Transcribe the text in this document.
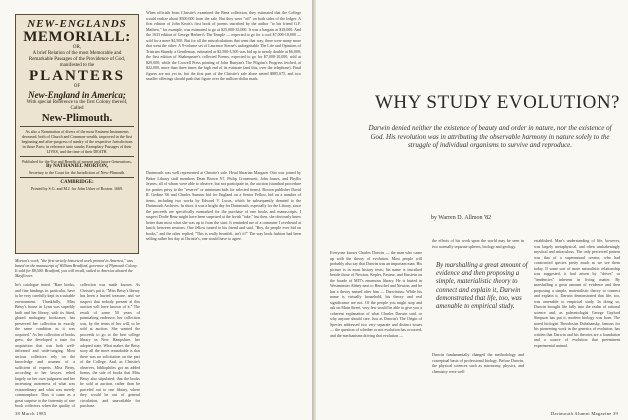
NEW-ENGLANDS
MEMORIALL:
OR,
A brief Relation of the most Memorable and Remarkable Passages of the Providence of God, manifested to the
PLANTERS
OF
New-England in America;
With special Reference to the first Colony thereof, Called
New-Plimouth.
As also a Nomination of divers of the most Eminent Instruments deceased, both of Church and Common-wealth, improved in the first beginning and after-progress of sundry of the respective Jurisdictions in those Parts; in reference unto sundry Exemplary Passages of their LIVES, and the time of their DEATH.
Published for the Use and Benefit of present and future Generations,
By NATHANIEL MORTON,
Secretary to the Court for the Jurisdiction of New-Plimouth.
CAMBRIDGE:
Printed by S.G. and M.J. for John Usher of Boston. 1669.
Morton's work, "the first strictly historical work printed in America," was based on the manuscript of William Bradford, governor of Plymouth Colony. It sold for $8,500. Bradford, you will recall, sailed to America aboard the Mayflower.
he's catalogue noted. "Rare books, and fine bindings in particular, have to be very carefully kept in a suitable environment. Thankfully, Miss Betsy's house in Lynn was superbly built and her library, with its fitted, glazed mahogany bookcases, has preserved her collection in exactly the same condition as it was acquired." As her collection of books grew, she developed a taste for acquisition that was both well-informed and wide-ranging. Most serious collectors rely on the knowledge and acumen of a sufficient of experts. Miss Betsy, according to her lawyer, relied largely on her own judgment and her increasing awareness of what was extraordinary and what was merely commonplace. Thus it came as a great surprise to the fraternity of rare book collectors when the quality of
collection was made known. As Christie's put it, "Miss Betsy's library has been a buried treasure, and we suspect that nobody present at this auction will have known of it." The result of some 50 years of painstaking endeavor, her collection was, by the terms of her will, to be sold at auction. She wanted the proceeds to go to the best college library in New Hampshire, her adopted state. What makes the Betsy story all the more remarkable is that there was no solicitation on the part of the College. And, as Christie's observes, bibliophiles got an added bonus, the sale of books that Miss Betsy also stipulated: that the books be sold at auction, rather than be parceled out to one library, where they would be out of general circulation, and unavailable for purchase.
When officials from Christie's examined the Benz collection, they estimated that the College would realize about $500,000 from the sale. But they were "off" on both sides of the ledger. A first edition of John Keats's first book of poems inscribed by the author "to his friend G.F. Mathew," for example, was estimated to go at $25,000-35,000. It was a bargain at $18,000. And the 1633 edition of George Herbert's The Temple — expected to go for a cool $7,000-10,000 — sold for a mere $4,500. But for all the miscalculations that went that way, there were many more that went the other: A 9-volume set of Laurence Sterne's unforgettable The Life and Opinions of Tristram Shandy, a Gentleman, estimated at $2,500-3,500 was bid up to nearly double at $6,000; the first edition of Shakespeare's collected Poems, expected to go for $7,000-10,000, sold at $29,000; while the Crowell Press printing of John Bunyan's The Pilgrim's Progress fetched, at $22,000, more than three times the high end of its estimate (and this, over the telephone). Final figures are not yet in, but the first part of the Christie's sale alone netted $885,675, and two smaller offerings should push that figure over the million-dollar mark.
Dartmouth was well represented at Christie's sale. Head librarian Margaret Otto was joined by Baker Library staff members Dean Brown '67, Philip Cronenwett, John James, and Phyllis Jaynes, all of whom were able to observe, but not participate in, the auction (standard procedure for parties privy to the "reserve" or minimum bids for selected items). Boston publisher David R. Godine '66 and Charles Sumner bid for England on a Senior Fellow, bid on a number of items, including two works by Edward V. Lucas, which he subsequently donated to the Dartmouth Archives. In short, it was a bright day for Dartmouth, especially for the Library, since the proceeds are specifically earmarked for the purchase of rare books and manuscripts. I suspect Dodie Benz might have been surprised at the lavish "take," but then, she obviously knew better than most what she was up to from the start. It reminded me of a comment I overheard at lunch, between sessions. One fellow turned to his friend and said, "Boy, do people ever bid on books," and the other replied, "This is really heartfelt, isn't it?" The way book fashion had been selling rather hot day at Christie's, one would have to agree.
38 March 1985
WHY STUDY EVOLUTION?
Darwin denied neither the existence of beauty and order in nature, nor the existence of God. His revolution was in attributing the observable harmony in nature solely to the struggle of individual organisms to survive and reproduce.
by Warren D. Allmon '82
Everyone knows Charles Darwin — the man who came up with the theory of evolution. Most people will probably also say that Darwin was an important man. His picture is in most history texts; his name is inscribed beside those of Newton, Kepler, Pasteur, and Einstein on the facade of MIT's enormous library. He is buried in Westminster Abbey next to Herschel and Newton, and he has a theory named after him — Darwinism. While his name is virtually household, his theory and real significance are not. Of the people you might stop and ask on Main Street, very few would be able to give you a coherent explanation of what Charles Darwin said, or why anyone should care. Just as Darwin's The Origin of Species addressed two very separate and distinct issues — the question of whether or not evolution has occurred, and the mechanisms driving that evolution —
the effects of his work upon the world may be seen in two normally separate spheres, biology and geology.
By marshalling a great amount of evidence and then proposing a simple, materialistic theory to connect and explain it, Darwin demonstrated that life, too, was amenable to empirical study.
Darwin fundamentally changed the methodology and conceptual basis of professional biology. Before Darwin, the physical sciences such as astronomy, physics, and chemistry were well
established. Man's understanding of life, however, was largely metaphysical, and often unshakeningly mystical and miraculous. The only perceived pattern was that of a supernatural creator, who had constructed species pretty much as we see them today. If some sort of more naturalistic relationship was suggested, it had arisen by "drives" or "tendencies" inherent in living matter. By marshalling a great amount of evidence and then proposing a simple, materialistic theory to connect and explain it, Darwin demonstrated that life, too, was amenable to empirical study. In doing so, Darwin brought life fully into the realm of rational science and, as paleontologist George Gaylord Simpson has put it, modern biology was born. The noted biologist Theodosius Dobzhansky, famous for his pioneering work in the genetics of evolution, has written that Darwin and his theories are a foundation and a source of evolution that preeminent experimental animal.
Dartmouth Alumni Magazine 39
